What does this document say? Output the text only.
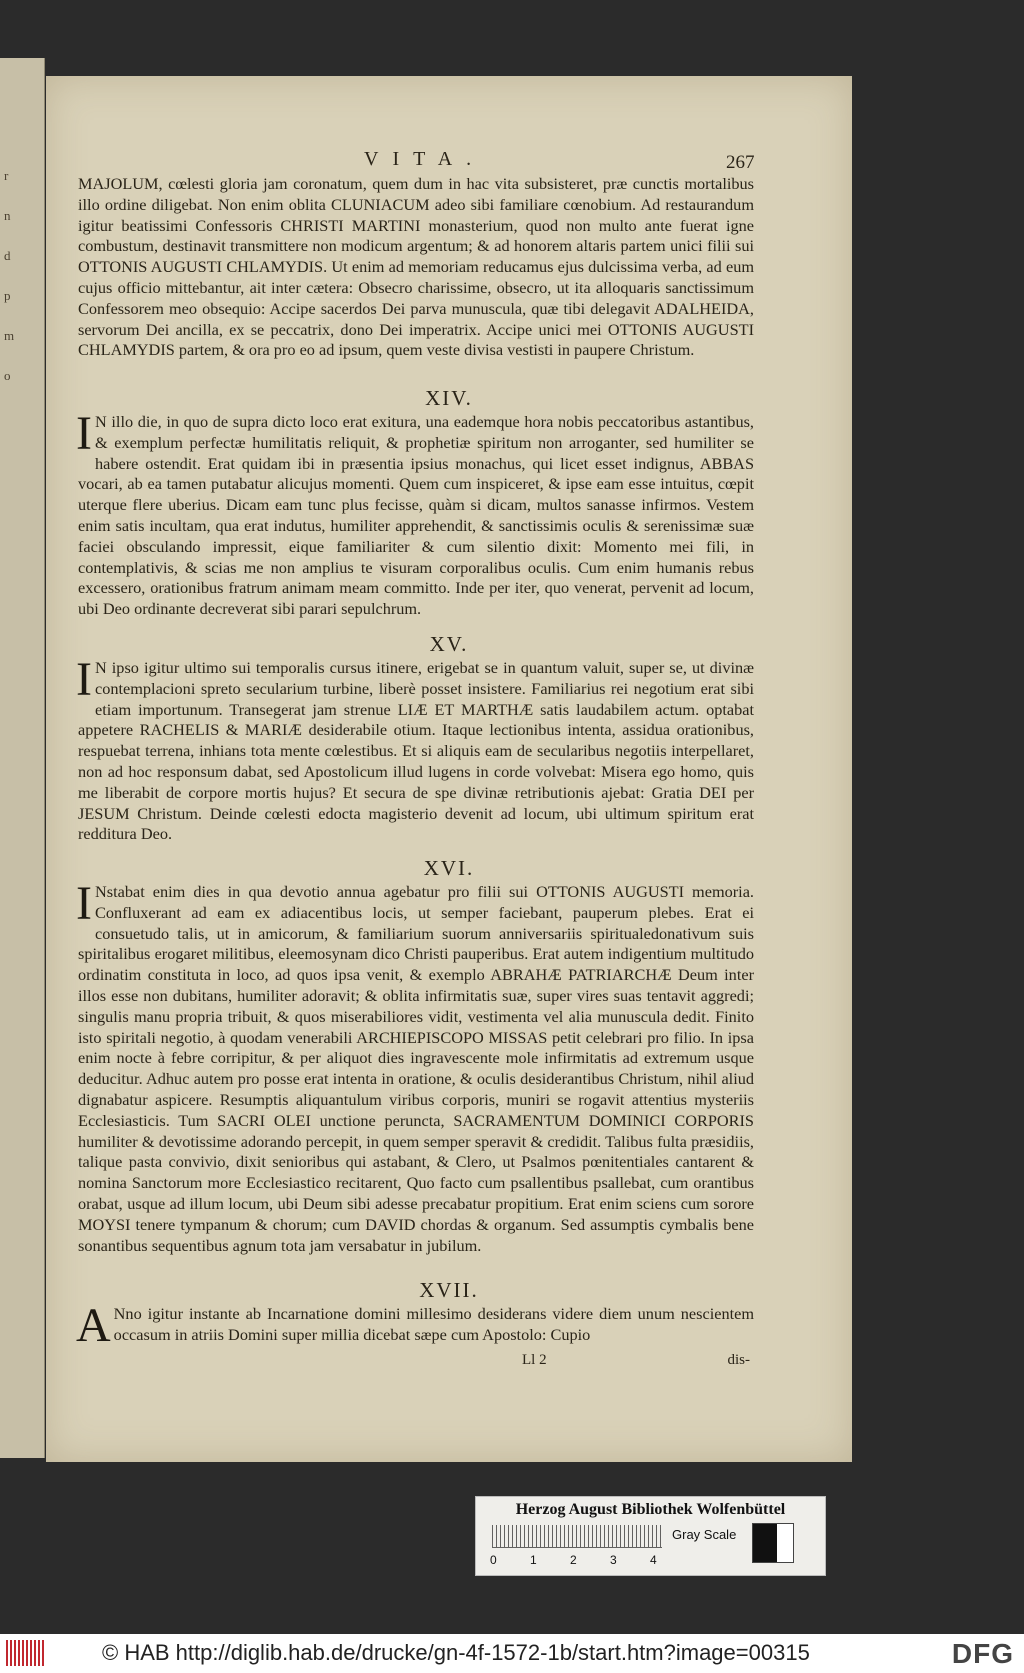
r
n
d
p
m
o
VITA.	267
MAJOLUM, cœlesti gloria jam coronatum, quem dum in hac vita subsisteret, præ cunctis mortalibus illo ordine diligebat. Non enim oblita CLUNIACUM adeo sibi familiare cœnobium. Ad restaurandum igitur beatissimi Confessoris CHRISTI MARTINI monasterium, quod non multo ante fuerat igne combustum, destinavit transmittere non modicum argentum; & ad honorem altaris partem unici filii sui OTTONIS AUGUSTI CHLAMYDIS. Ut enim ad memoriam reducamus ejus dulcissima verba, ad eum cujus officio mittebantur, ait inter cætera: Obsecro charissime, obsecro, ut ita alloquaris sanctissimum Confessorem meo obsequio: Accipe sacerdos Dei parva munuscula, quæ tibi delegavit ADALHEIDA, servorum Dei ancilla, ex se peccatrix, dono Dei imperatrix. Accipe unici mei OTTONIS AUGUSTI CHLAMYDIS partem, & ora pro eo ad ipsum, quem veste divisa vestisti in paupere Christum.
XIV.
I N illo die, in quo de supra dicto loco erat exitura, una eademque hora nobis peccatoribus astantibus, & exemplum perfectæ humilitatis reliquit, & prophetiæ spiritum non arroganter, sed humiliter se habere ostendit. Erat quidam ibi in præsentia ipsius monachus, qui licet esset indignus, ABBAS vocari, ab ea tamen putabatur alicujus momenti. Quem cum inspiceret, & ipse eam esse intuitus, cœpit uterque flere uberius. Dicam eam tunc plus fecisse, quàm si dicam, multos sanasse infirmos. Vestem enim satis incultam, qua erat indutus, humiliter apprehendit, & sanctissimis oculis & serenissimæ suæ faciei obsculando impressit, eique familiariter & cum silentio dixit: Momento mei fili, in contemplativis, & scias me non amplius te visuram corporalibus oculis. Cum enim humanis rebus excessero, orationibus fratrum animam meam committo. Inde per iter, quo venerat, pervenit ad locum, ubi Deo ordinante decreverat sibi parari sepulchrum.
XV.
I N ipso igitur ultimo sui temporalis cursus itinere, erigebat se in quantum valuit, super se, ut divinæ contemplacioni spreto secularium turbine, liberè posset insistere. Familiarius rei negotium erat sibi etiam importunum. Transegerat jam strenue LIÆ ET MARTHÆ satis laudabilem actum. optabat appetere RACHELIS & MARIÆ desiderabile otium. Itaque lectionibus intenta, assidua orationibus, respuebat terrena, inhians tota mente cœlestibus. Et si aliquis eam de secularibus negotiis interpellaret, non ad hoc responsum dabat, sed Apostolicum illud lugens in corde volvebat: Misera ego homo, quis me liberabit de corpore mortis hujus? Et secura de spe divinæ retributionis ajebat: Gratia DEI per JESUM Christum. Deinde cœlesti edocta magisterio devenit ad locum, ubi ultimum spiritum erat redditura Deo.
XVI.
I Nstabat enim dies in qua devotio annua agebatur pro filii sui OTTONIS AUGUSTI memoria. Confluxerant ad eam ex adiacentibus locis, ut semper faciebant, pauperum plebes. Erat ei consuetudo talis, ut in amicorum, & familiarium suorum anniversariis spiritualedonativum suis spiritalibus erogaret militibus, eleemosynam dico Christi pauperibus. Erat autem indigentium multitudo ordinatim constituta in loco, ad quos ipsa venit, & exemplo ABRAHÆ PATRIARCHÆ Deum inter illos esse non dubitans, humiliter adoravit; & oblita infirmitatis suæ, super vires suas tentavit aggredi; singulis manu propria tribuit, & quos miserabiliores vidit, vestimenta vel alia munuscula dedit. Finito isto spiritali negotio, à quodam venerabili ARCHIEPISCOPO MISSAS petit celebrari pro filio. In ipsa enim nocte à febre corripitur, & per aliquot dies ingravescente mole infirmitatis ad extremum usque deducitur. Adhuc autem pro posse erat intenta in oratione, & oculis desiderantibus Christum, nihil aliud dignabatur aspicere. Resumptis aliquantulum viribus corporis, muniri se rogavit attentius mysteriis Ecclesiasticis. Tum SACRI OLEI unctione peruncta, SACRAMENTUM DOMINICI CORPORIS humiliter & devotissime adorando percepit, in quem semper speravit & credidit. Talibus fulta præsidiis, talique pasta convivio, dixit senioribus qui astabant, & Clero, ut Psalmos pœnitentiales cantarent & nomina Sanctorum more Ecclesiastico recitarent, Quo facto cum psallentibus psallebat, cum orantibus orabat, usque ad illum locum, ubi Deum sibi adesse precabatur propitium. Erat enim sciens cum sorore MOYSI tenere tympanum & chorum; cum DAVID chordas & organum. Sed assumptis cymbalis bene sonantibus sequentibus agnum tota jam versabatur in jubilum.
XVII.
A Nno igitur instante ab Incarnatione domini millesimo desiderans videre diem unum nescientem occasum in atriis Domini super millia dicebat sæpe cum Apostolo: Cupio
Ll 2	dis-
Herzog August Bibliothek Wolfenbüttel
0	1	2	3	4
Gray Scale
© HAB http://diglib.hab.de/drucke/gn-4f-1572-1b/start.htm?image=00315	DFG
